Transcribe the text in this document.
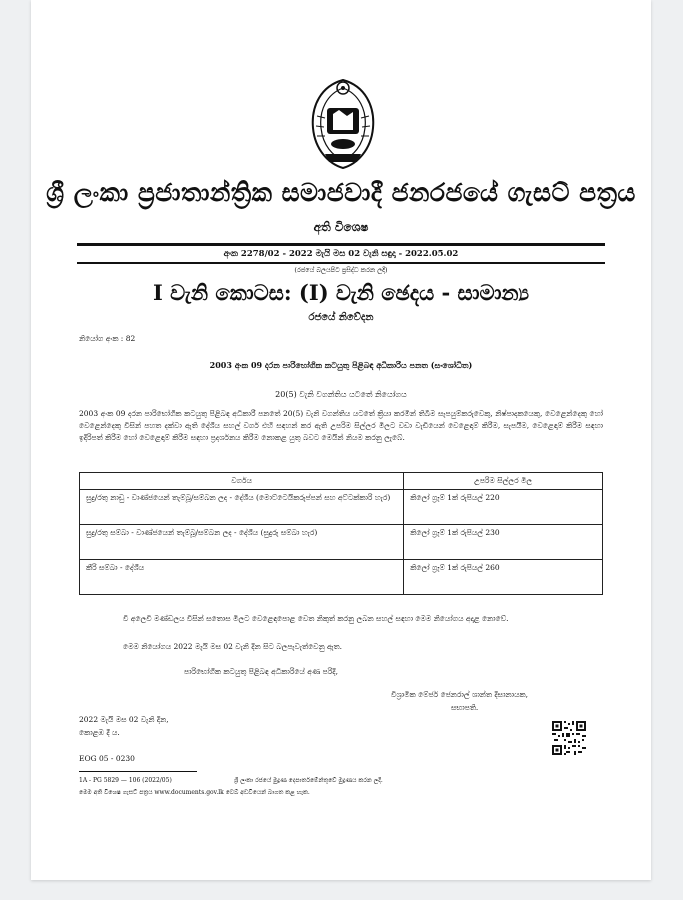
ශ්‍රී ලංකා ප්‍රජාතාන්ත්‍රික සමාජවාදී ජනරජයේ ගැසට් පත්‍රය
අති විශෙෂ
අංක 2278/02 - 2022 මැයි මස 02 වැනි සඳුදා - 2022.05.02
(රජයේ බලයපිට ප්‍රසිද්ධ කරන ලදී)
I වැනි කොටස: (I) වැනි ඡෙදය - සාමාන්‍ය
රජයේ නිවේදන
නියෝග අංක : 82
2003 අංක 09 දරන පාරිභෝගික කටයුතු පිළිබඳ අධිකාරිය පනත (සංශෝධිත)
20(5) වැනි වගන්තිය යටතේ නියෝගය
2003 අංක 09 දරන පාරිභෝගික කටයුතු පිළිබඳ අධිකාරී පනතේ 20(5) වැනි වගන්තිය යටතේ ක්‍රියා කරමින් තිබීම සැපයුම්කරුවෙකු, නිෂ්පාදකයෙකු, වෙළෙන්දෙකු හෝ වෙළෙන්දෙකු විසින් පහත දක්වා ඇති දේශීය සහල් වර්ග එහි සඳහන් කර ඇති උපරිම සිල්ලර මිලට වඩා වැඩියෙන් වෙළෙඳාම් කිරීම, සැපයීම, වෙළෙඳාම් කිරීම සඳහා ඉදිරිපත් කිරීම හෝ වෙළෙඳාම් කිරීම සඳහා ප්‍රදර්ශනය කිරීම නොකළ යුතු බවට මෙයින් නියම කරනු ලැබේ.
වර්ගය	උපරිම සිල්ලර මිල
සුදු/රතු නාඩු - වාණ්ජයෙන් තැම්බූ/සම්බන ලද - දේශීය (මොට්ටෙයිකරුප්පන් සහ අට්ටක්කාරි හැර)	කිලෝ ග්‍රෑම් 1ක් රුපියල් 220
සුදු/රතු සම්බා - වාණ්ජයෙන් තැම්බූ/සම්බන ලද - දේශීය (සුදුරු සම්බා හැර)	කිලෝ ග්‍රෑම් 1ක් රුපියල් 230
කීරි සම්බා - දේශීය	කිලෝ ග්‍රෑම් 1ක් රුපියල් 260
වී අලෙවි මණ්ඩලය විසින් සතොස මිලට වෙළෙඳපොළ වෙත නිකුත් කරනු ලබන සහල් සඳහා මෙම නියෝගය අදාළ නොවේ.
මෙම නියෝගය 2022 මැයි මස 02 වැනි දින සිට බලපැවැත්වෙනු ඇත.
පාරිභෝගික කටයුතු පිළිබඳ අධිකාරියේ අණ පරිදි,
විශ්‍රාමික මේජර් ජෙනරාල් ශාන්ත දිසානායක,
සභාපති.
2022 මැයි මස 02 වැනි දින,
කොළඹ දී ය.
EOG 05 - 0230
1A - PG 5829 — 106 (2022/05)	ශ්‍රී ලංකා රජයේ මුද්‍රණ දෙපාර්තමේන්තුවේ මුද්‍රණය කරන ලදී.
මෙම අති විශෙෂ ගැසට් පත්‍රය www.documents.gov.lk වෙබ් අඩවියෙන් බාගත කළ හැක.
